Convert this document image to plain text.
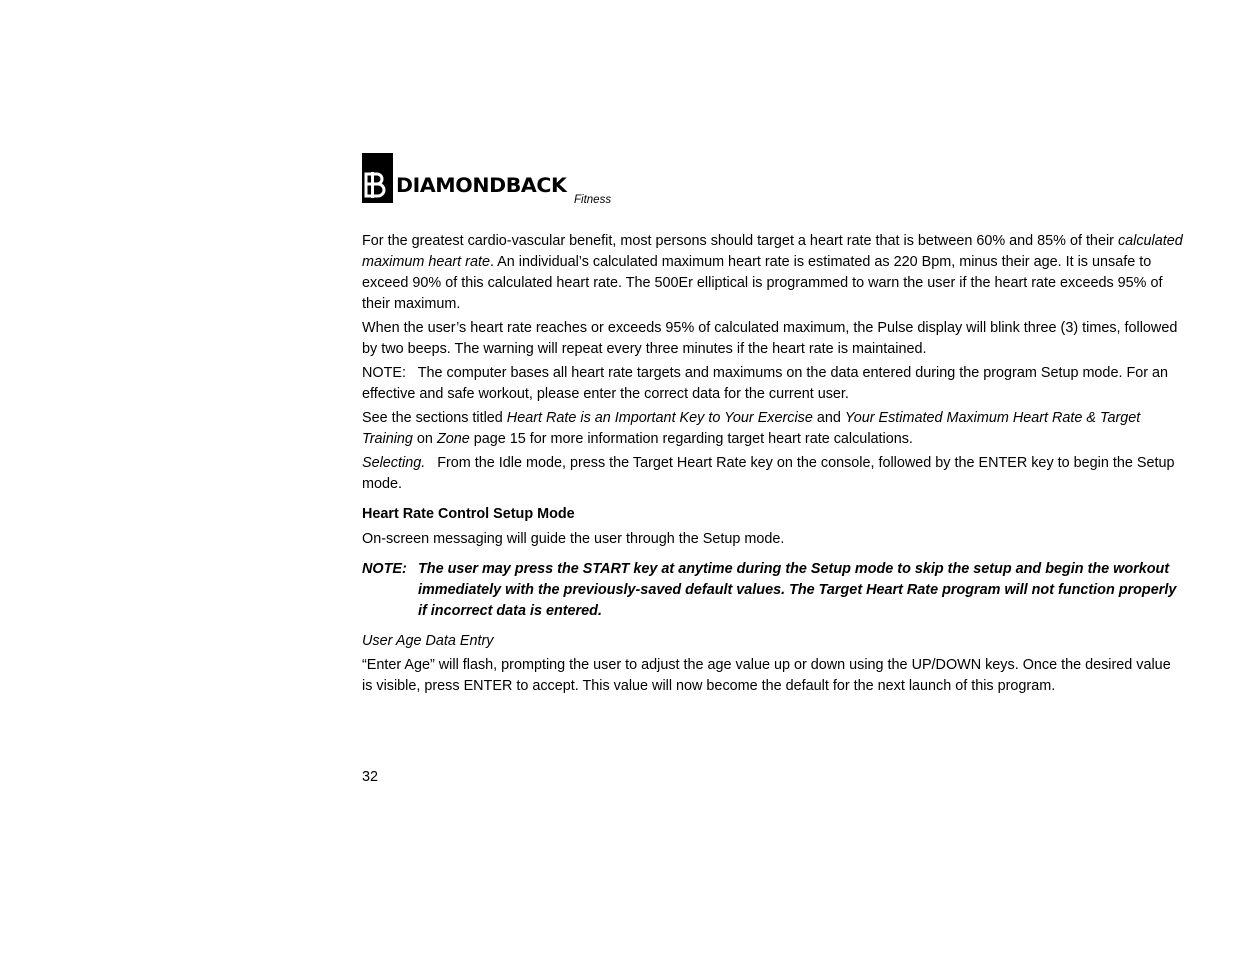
DIAMONDBACK
Fitness

For the greatest cardio-vascular benefit, most persons should target a heart rate that is between 60% and 85% of their calculated maximum heart rate. An individual’s calculated maximum heart rate is estimated as 220 Bpm, minus their age. It is unsafe to exceed 90% of this calculated heart rate. The 500Er elliptical is programmed to warn the user if the heart rate exceeds 95% of their maximum.

When the user’s heart rate reaches or exceeds 95% of calculated maximum, the Pulse display will blink three (3) times, followed by two beeps. The warning will repeat every three minutes if the heart rate is maintained.

NOTE:   The computer bases all heart rate targets and maximums on the data entered during the program Setup mode. For an effective and safe workout, please enter the correct data for the current user.

See the sections titled Heart Rate is an Important Key to Your Exercise and Your Estimated Maximum Heart Rate & Target Training on Zone page 15 for more information regarding target heart rate calculations.

Selecting.   From the Idle mode, press the Target Heart Rate key on the console, followed by the ENTER key to begin the Setup mode.

Heart Rate Control Setup Mode

On-screen messaging will guide the user through the Setup mode.

NOTE: The user may press the START key at anytime during the Setup mode to skip the setup and begin the workout immediately with the previously-saved default values. The Target Heart Rate program will not function properly if incorrect data is entered.

User Age Data Entry

“Enter Age” will flash, prompting the user to adjust the age value up or down using the UP/DOWN keys. Once the desired value is visible, press ENTER to accept. This value will now become the default for the next launch of this program.

32
